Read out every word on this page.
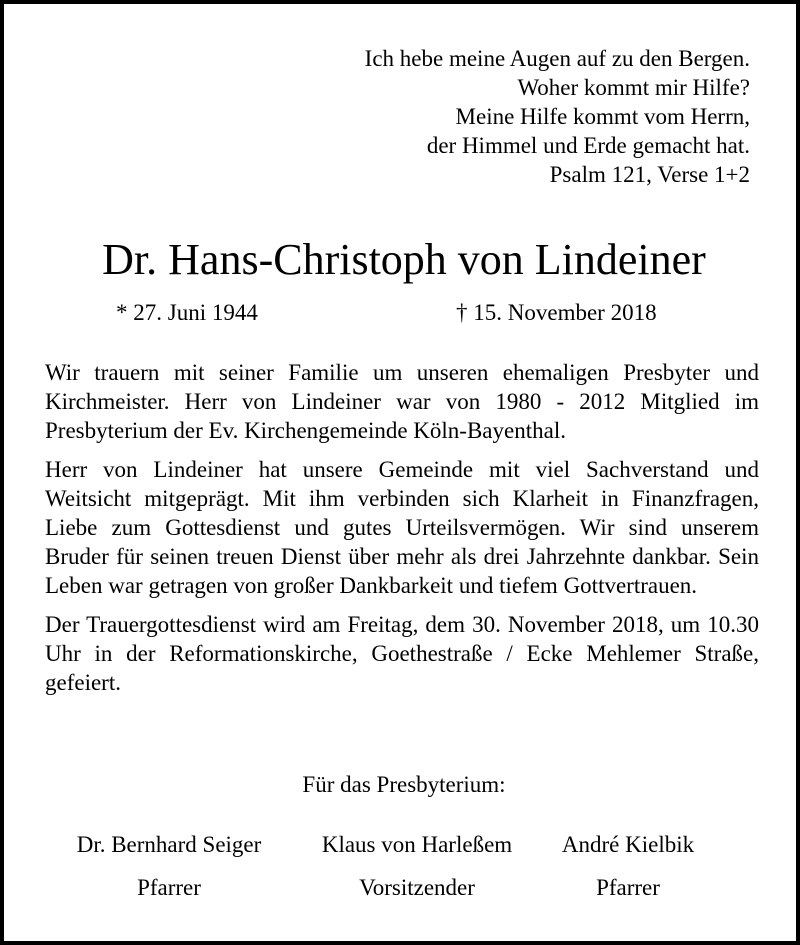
Ich hebe meine Augen auf zu den Bergen.
Woher kommt mir Hilfe?
Meine Hilfe kommt vom Herrn,
der Himmel und Erde gemacht hat.
Psalm 121, Verse 1+2
Dr. Hans-Christoph von Lindeiner
* 27. Juni 1944	† 15. November 2018

Wir trauern mit seiner Familie um unseren ehemaligen Presbyter und Kirchmeister. Herr von Lindeiner war von 1980 - 2012 Mitglied im Presbyterium der Ev. Kirchengemeinde Köln-Bayenthal.

Herr von Lindeiner hat unsere Gemeinde mit viel Sachverstand und Weitsicht mitgeprägt. Mit ihm verbinden sich Klarheit in Finanzfragen, Liebe zum Gottesdienst und gutes Urteilsvermögen. Wir sind unserem Bruder für seinen treuen Dienst über mehr als drei Jahrzehnte dankbar. Sein Leben war getragen von großer Dankbarkeit und tiefem Gottvertrauen.

Der Trauergottesdienst wird am Freitag, dem 30. November 2018, um 10.30 Uhr in der Reformationskirche, Goethestraße / Ecke Mehlemer Straße, gefeiert.

Für das Presbyterium:
Dr. Bernhard Seiger
Pfarrer
Klaus von Harleßem
Vorsitzender
André Kielbik
Pfarrer
